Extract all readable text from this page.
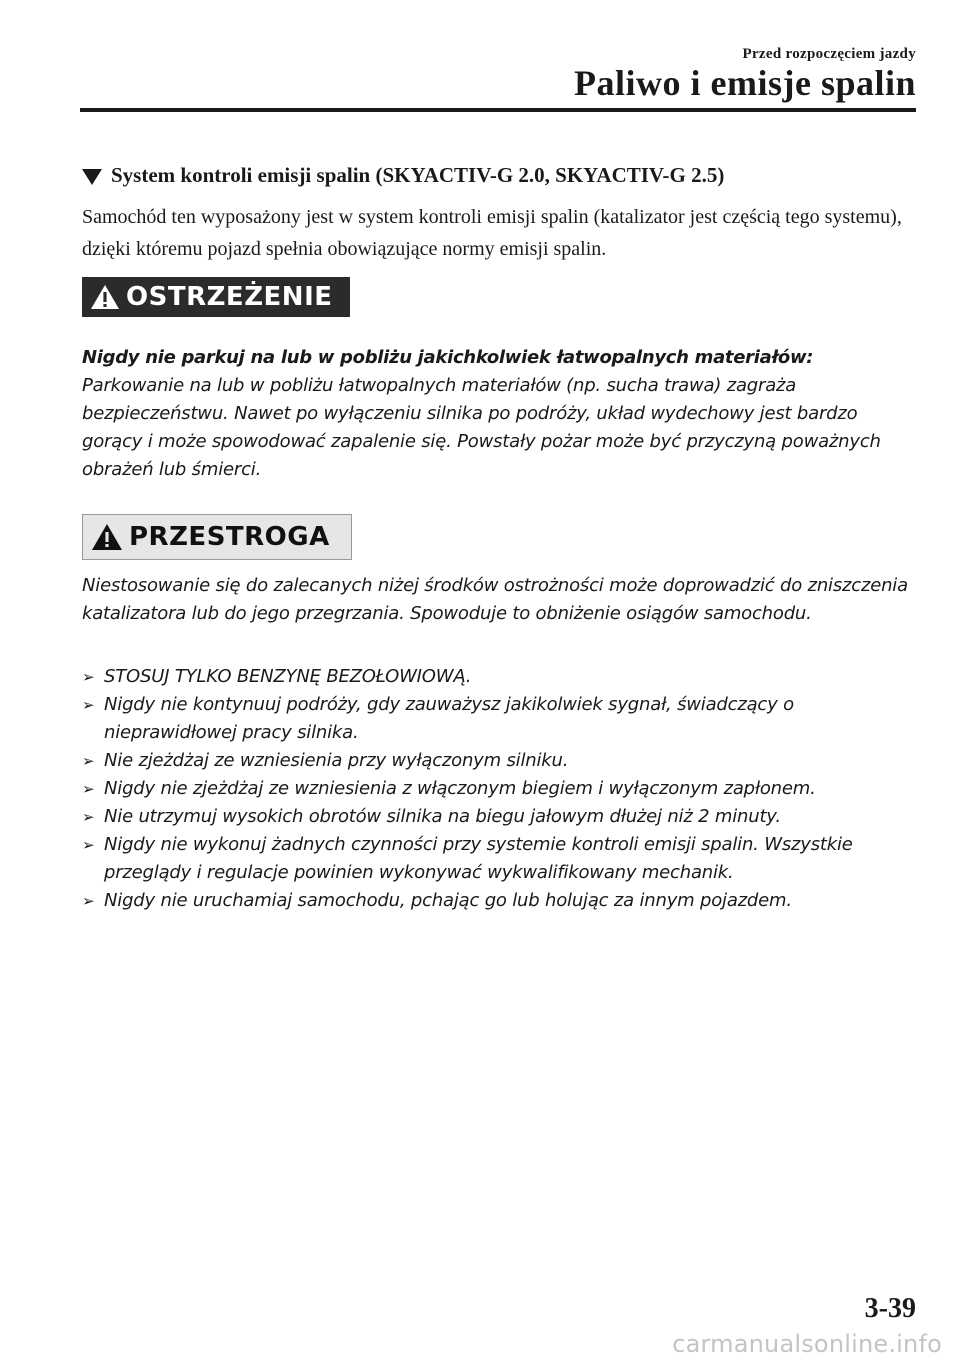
Przed rozpoczęciem jazdy
Paliwo i emisje spalin
System kontroli emisji spalin (SKYACTIV-G 2.0, SKYACTIV-G 2.5)
Samochód ten wyposażony jest w system kontroli emisji spalin (katalizator jest częścią tego systemu), dzięki któremu pojazd spełnia obowiązujące normy emisji spalin.
OSTRZEŻENIE
Nigdy nie parkuj na lub w pobliżu jakichkolwiek łatwopalnych materiałów:
Parkowanie na lub w pobliżu łatwopalnych materiałów (np. sucha trawa) zagraża bezpieczeństwu. Nawet po wyłączeniu silnika po podróży, układ wydechowy jest bardzo gorący i może spowodować zapalenie się. Powstały pożar może być przyczyną poważnych obrażeń lub śmierci.
PRZESTROGA
Niestosowanie się do zalecanych niżej środków ostrożności może doprowadzić do zniszczenia katalizatora lub do jego przegrzania. Spowoduje to obniżenie osiągów samochodu.
➢ STOSUJ TYLKO BENZYNĘ BEZOŁOWIOWĄ.
➢ Nigdy nie kontynuuj podróży, gdy zauważysz jakikolwiek sygnał, świadczący o nieprawidłowej pracy silnika.
➢ Nie zjeżdżaj ze wzniesienia przy wyłączonym silniku.
➢ Nigdy nie zjeżdżaj ze wzniesienia z włączonym biegiem i wyłączonym zapłonem.
➢ Nie utrzymuj wysokich obrotów silnika na biegu jałowym dłużej niż 2 minuty.
➢ Nigdy nie wykonuj żadnych czynności przy systemie kontroli emisji spalin. Wszystkie przeglądy i regulacje powinien wykonywać wykwalifikowany mechanik.
➢ Nigdy nie uruchamiaj samochodu, pchając go lub holując za innym pojazdem.
3-39
carmanualsonline.info
